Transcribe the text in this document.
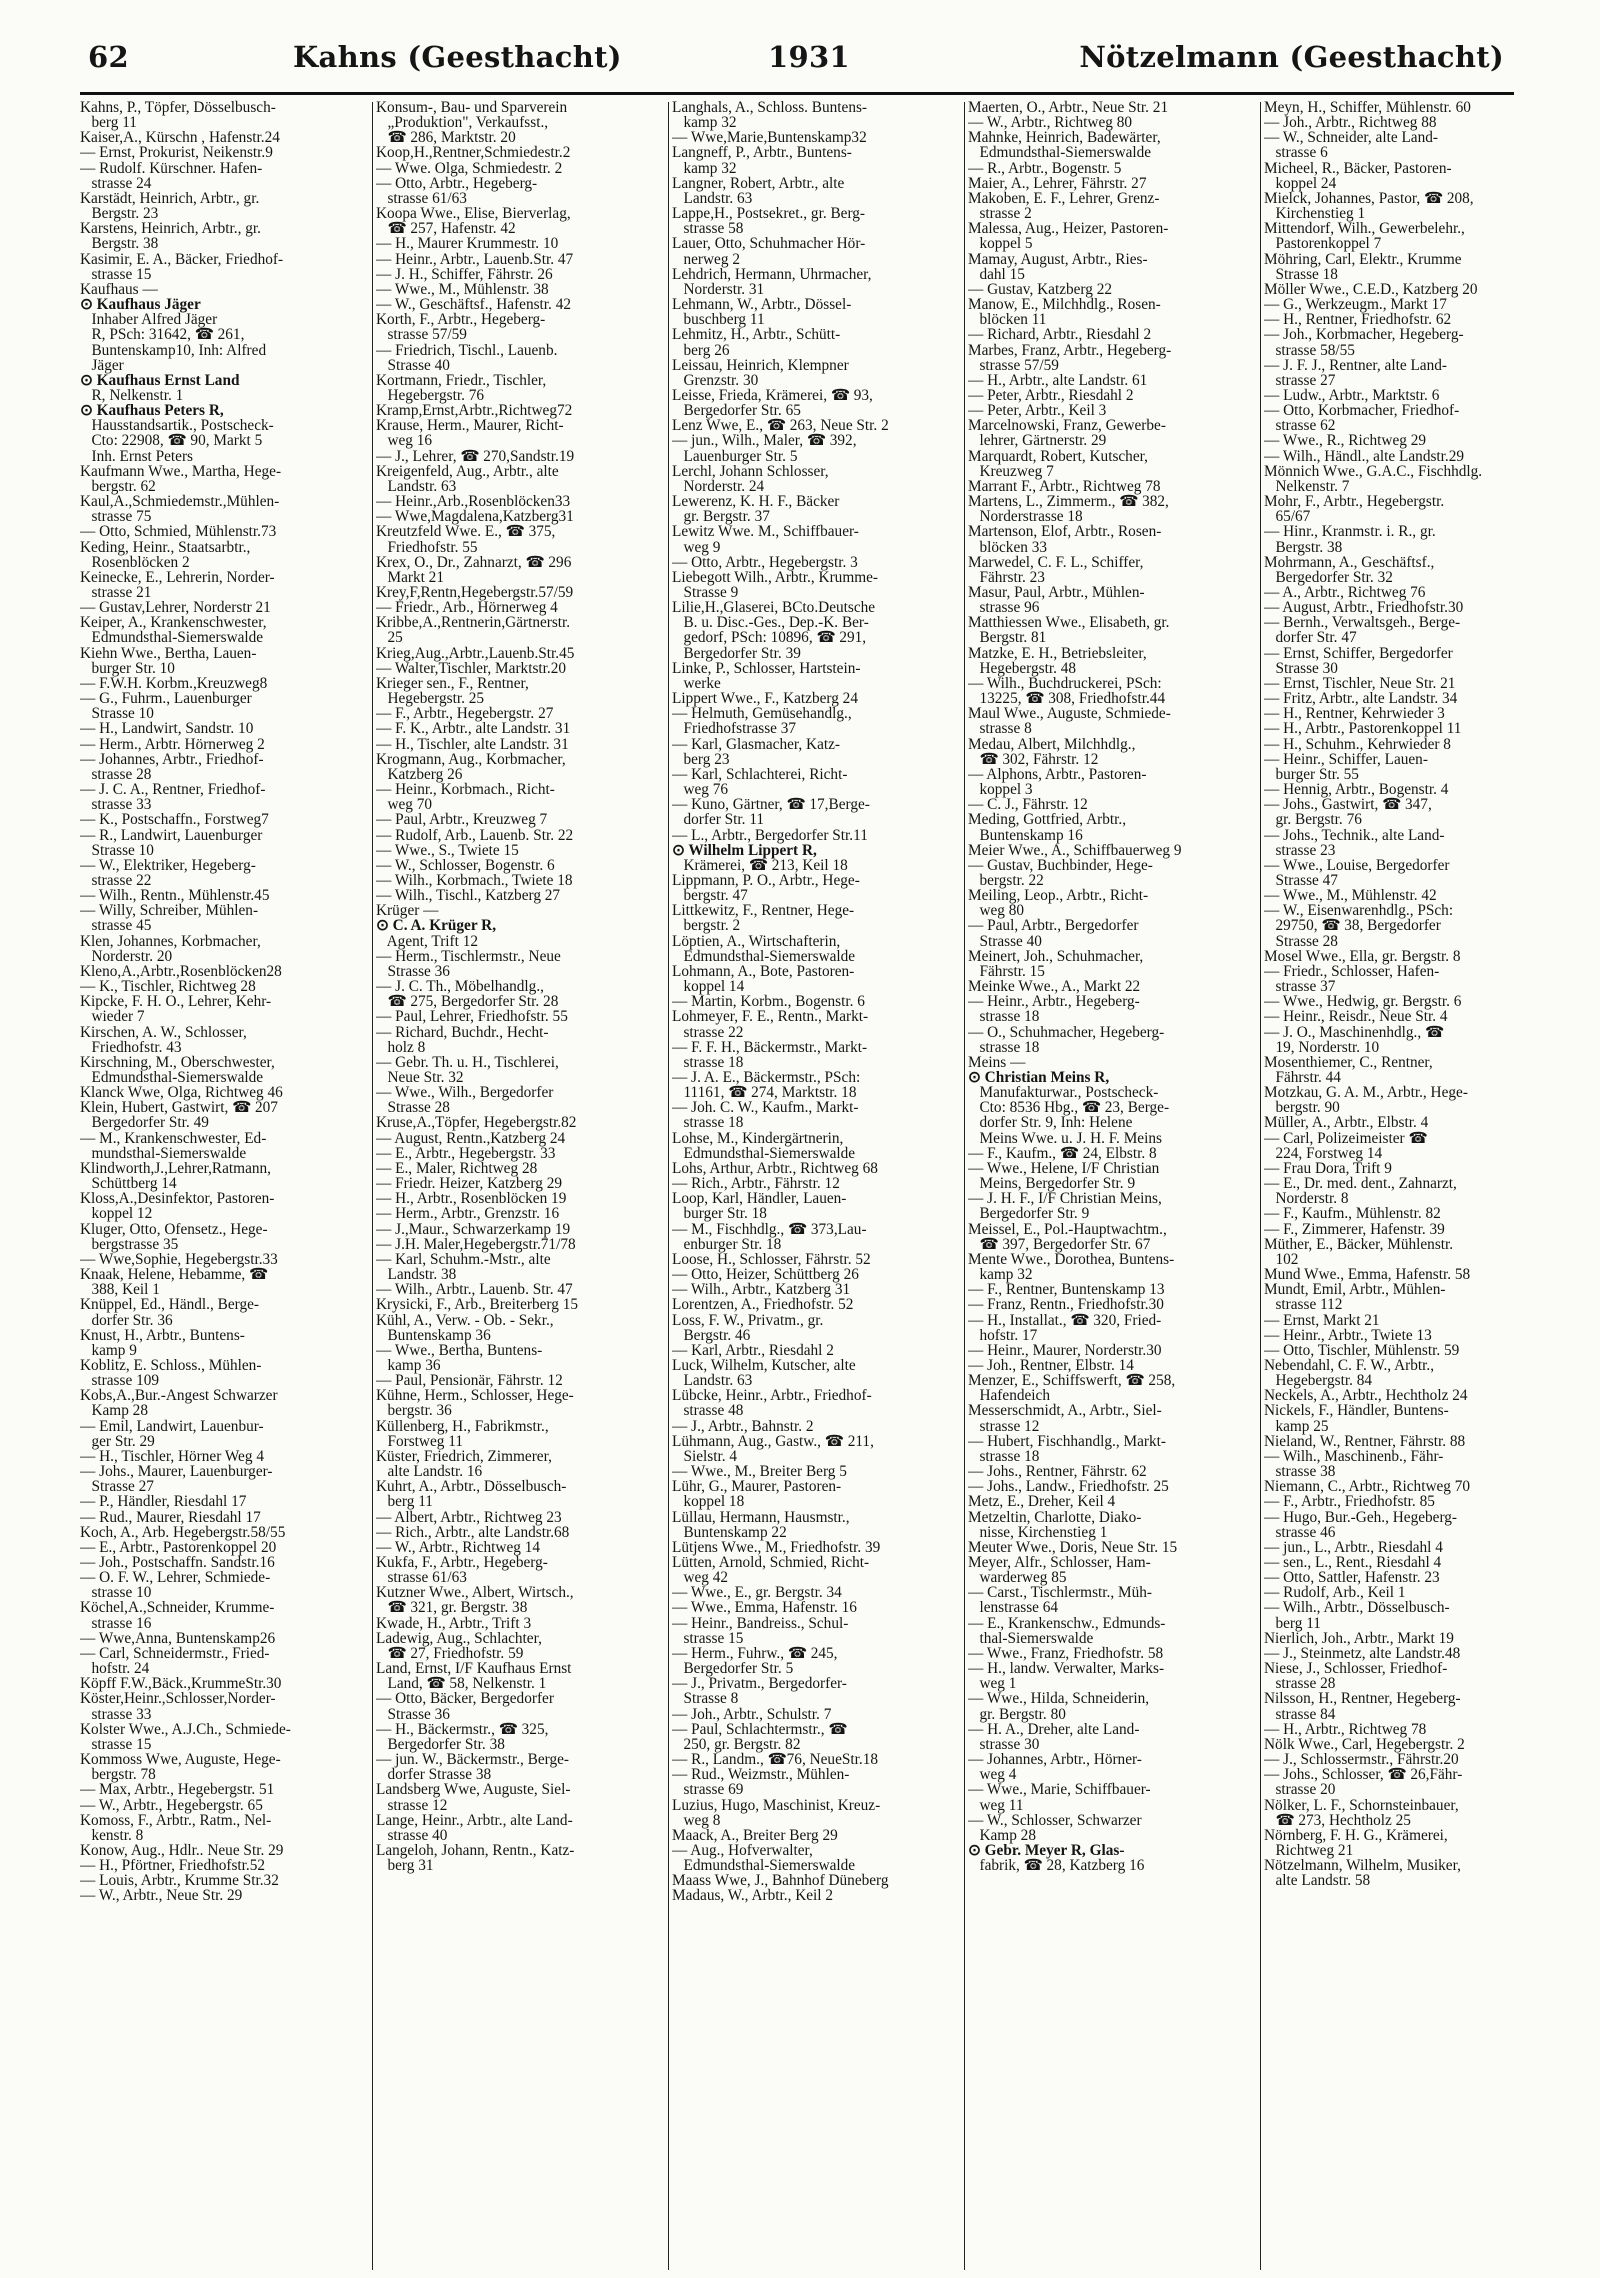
62	Kahns (Geesthacht)	1931	Nötzelmann (Geesthacht)
Kahns, P., Töpfer, Dösselbusch-
berg 11
Kaiser,A., Kürschn , Hafenstr.24
— Ernst, Prokurist, Neikenstr.9
— Rudolf. Kürschner. Hafen-
strasse 24
Karstädt, Heinrich, Arbtr., gr.
Bergstr. 23
Karstens, Heinrich, Arbtr., gr.
Bergstr. 38
Kasimir, E. A., Bäcker, Friedhof-
strasse 15
Kaufhaus —
⊙ Kaufhaus Jäger
Inhaber Alfred Jäger
R, PSch: 31642, ☎ 261,
Buntenskamp10, Inh: Alfred
Jäger
⊙ Kaufhaus Ernst Land
R, Nelkenstr. 1
⊙ Kaufhaus Peters R,
Hausstandsartik., Postscheck-
Cto: 22908, ☎ 90, Markt 5
Inh. Ernst Peters
Kaufmann Wwe., Martha, Hege-
bergstr. 62
Kaul,A.,Schmiedemstr.,Mühlen-
strasse 75
— Otto, Schmied, Mühlenstr.73
Keding, Heinr., Staatsarbtr.,
Rosenblöcken 2
Keinecke, E., Lehrerin, Norder-
strasse 21
— Gustav,Lehrer, Norderstr 21
Keiper, A., Krankenschwester,
Edmundsthal-Siemerswalde
Kiehn Wwe., Bertha, Lauen-
burger Str. 10
— F.W.H. Korbm.,Kreuzweg8
— G., Fuhrm., Lauenburger
Strasse 10
— H., Landwirt, Sandstr. 10
— Herm., Arbtr. Hörnerweg 2
— Johannes, Arbtr., Friedhof-
strasse 28
— J. C. A., Rentner, Friedhof-
strasse 33
— K., Postschaffn., Forstweg7
— R., Landwirt, Lauenburger
Strasse 10
— W., Elektriker, Hegeberg-
strasse 22
— Wilh., Rentn., Mühlenstr.45
— Willy, Schreiber, Mühlen-
strasse 45
Klen, Johannes, Korbmacher,
Norderstr. 20
Kleno,A.,Arbtr.,Rosenblöcken28
— K., Tischler, Richtweg 28
Kipcke, F. H. O., Lehrer, Kehr-
wieder 7
Kirschen, A. W., Schlosser,
Friedhofstr. 43
Kirschning, M., Oberschwester,
Edmundsthal-Siemerswalde
Klanck Wwe, Olga, Richtweg 46
Klein, Hubert, Gastwirt, ☎ 207
Bergedorfer Str. 49
— M., Krankenschwester, Ed-
mundsthal-Siemerswalde
Klindworth,J.,Lehrer,Ratmann,
Schüttberg 14
Kloss,A.,Desinfektor, Pastoren-
koppel 12
Kluger, Otto, Ofensetz., Hege-
bergstrasse 35
— Wwe,Sophie, Hegebergstr.33
Knaak, Helene, Hebamme, ☎
388, Keil 1
Knüppel, Ed., Händl., Berge-
dorfer Str. 36
Knust, H., Arbtr., Buntens-
kamp 9
Koblitz, E. Schloss., Mühlen-
strasse 109
Kobs,A.,Bur.-Angest Schwarzer
Kamp 28
— Emil, Landwirt, Lauenbur-
ger Str. 29
— H., Tischler, Hörner Weg 4
— Johs., Maurer, Lauenburger-
Strasse 27
— P., Händler, Riesdahl 17
— Rud., Maurer, Riesdahl 17
Koch, A., Arb. Hegebergstr.58/55
— E., Arbtr., Pastorenkoppel 20
— Joh., Postschaffn. Sandstr.16
— O. F. W., Lehrer, Schmiede-
strasse 10
Köchel,A.,Schneider, Krumme-
strasse 16
— Wwe,Anna, Buntenskamp26
— Carl, Schneidermstr., Fried-
hofstr. 24
Köpff F.W.,Bäck.,KrummeStr.30
Köster,Heinr.,Schlosser,Norder-
strasse 33
Kolster Wwe., A.J.Ch., Schmiede-
strasse 15
Kommoss Wwe, Auguste, Hege-
bergstr. 78
— Max, Arbtr., Hegebergstr. 51
— W., Arbtr., Hegebergstr. 65
Komoss, F., Arbtr., Ratm., Nel-
kenstr. 8
Konow, Aug., Hdlr.. Neue Str. 29
— H., Pförtner, Friedhofstr.52
— Louis, Arbtr., Krumme Str.32
— W., Arbtr., Neue Str. 29
Konsum-, Bau- und Sparverein
„Produktion", Verkaufsst.,
☎ 286, Marktstr. 20
Koop,H.,Rentner,Schmiedestr.2
— Wwe. Olga, Schmiedestr. 2
— Otto, Arbtr., Hegeberg-
strasse 61/63
Koopa Wwe., Elise, Bierverlag,
☎ 257, Hafenstr. 42
— H., Maurer Krummestr. 10
— Heinr., Arbtr., Lauenb.Str. 47
— J. H., Schiffer, Fährstr. 26
— Wwe., M., Mühlenstr. 38
— W., Geschäftsf., Hafenstr. 42
Korth, F., Arbtr., Hegeberg-
strasse 57/59
— Friedrich, Tischl., Lauenb.
Strasse 40
Kortmann, Friedr., Tischler,
Hegebergstr. 76
Kramp,Ernst,Arbtr.,Richtweg72
Krause, Herm., Maurer, Richt-
weg 16
— J., Lehrer, ☎ 270,Sandstr.19
Kreigenfeld, Aug., Arbtr., alte
Landstr. 63
— Heinr.,Arb.,Rosenblöcken33
— Wwe,Magdalena,Katzberg31
Kreutzfeld Wwe. E., ☎ 375,
Friedhofstr. 55
Krex, O., Dr., Zahnarzt, ☎ 296
Markt 21
Krey,F,Rentn,Hegebergstr.57/59
— Friedr., Arb., Hörnerweg 4
Kribbe,A.,Rentnerin,Gärtnerstr.
25
Krieg,Aug.,Arbtr.,Lauenb.Str.45
— Walter,Tischler, Marktstr.20
Krieger sen., F., Rentner,
Hegebergstr. 25
— F., Arbtr., Hegebergstr. 27
— F. K., Arbtr., alte Landstr. 31
— H., Tischler, alte Landstr. 31
Krogmann, Aug., Korbmacher,
Katzberg 26
— Heinr., Korbmach., Richt-
weg 70
— Paul, Arbtr., Kreuzweg 7
— Rudolf, Arb., Lauenb. Str. 22
— Wwe., S., Twiete 15
— W., Schlosser, Bogenstr. 6
— Wilh., Korbmach., Twiete 18
— Wilh., Tischl., Katzberg 27
Krüger —
⊙ C. A. Krüger R,
Agent, Trift 12
— Herm., Tischlermstr., Neue
Strasse 36
— J. C. Th., Möbelhandlg.,
☎ 275, Bergedorfer Str. 28
— Paul, Lehrer, Friedhofstr. 55
— Richard, Buchdr., Hecht-
holz 8
— Gebr. Th. u. H., Tischlerei,
Neue Str. 32
— Wwe., Wilh., Bergedorfer
Strasse 28
Kruse,A.,Töpfer, Hegebergstr.82
— August, Rentn.,Katzberg 24
— E., Arbtr., Hegebergstr. 33
— E., Maler, Richtweg 28
— Friedr. Heizer, Katzberg 29
— H., Arbtr., Rosenblöcken 19
— Herm., Arbtr., Grenzstr. 16
— J.,Maur., Schwarzerkamp 19
— J.H. Maler,Hegebergstr.71/78
— Karl, Schuhm.-Mstr., alte
Landstr. 38
— Wilh., Arbtr., Lauenb. Str. 47
Krysicki, F., Arb., Breiterberg 15
Kühl, A., Verw. - Ob. - Sekr.,
Buntenskamp 36
— Wwe., Bertha, Buntens-
kamp 36
— Paul, Pensionär, Fährstr. 12
Kühne, Herm., Schlosser, Hege-
bergstr. 36
Küllenberg, H., Fabrikmstr.,
Forstweg 11
Küster, Friedrich, Zimmerer,
alte Landstr. 16
Kuhrt, A., Arbtr., Dösselbusch-
berg 11
— Albert, Arbtr., Richtweg 23
— Rich., Arbtr., alte Landstr.68
— W., Arbtr., Richtweg 14
Kukfa, F., Arbtr., Hegeberg-
strasse 61/63
Kutzner Wwe., Albert, Wirtsch.,
☎ 321, gr. Bergstr. 38
Kwade, H., Arbtr., Trift 3
Ladewig, Aug., Schlachter,
☎ 27, Friedhofstr. 59
Land, Ernst, I/F Kaufhaus Ernst
Land, ☎ 58, Nelkenstr. 1
— Otto, Bäcker, Bergedorfer
Strasse 36
— H., Bäckermstr., ☎ 325,
Bergedorfer Str. 38
— jun. W., Bäckermstr., Berge-
dorfer Strasse 38
Landsberg Wwe, Auguste, Siel-
strasse 12
Lange, Heinr., Arbtr., alte Land-
strasse 40
Langeloh, Johann, Rentn., Katz-
berg 31
Langhals, A., Schloss. Buntens-
kamp 32
— Wwe,Marie,Buntenskamp32
Langneff, P., Arbtr., Buntens-
kamp 32
Langner, Robert, Arbtr., alte
Landstr. 63
Lappe,H., Postsekret., gr. Berg-
strasse 58
Lauer, Otto, Schuhmacher Hör-
nerweg 2
Lehdrich, Hermann, Uhrmacher,
Norderstr. 31
Lehmann, W., Arbtr., Dössel-
buschberg 11
Lehmitz, H., Arbtr., Schütt-
berg 26
Leissau, Heinrich, Klempner
Grenzstr. 30
Leisse, Frieda, Krämerei, ☎ 93,
Bergedorfer Str. 65
Lenz Wwe, E., ☎ 263, Neue Str. 2
— jun., Wilh., Maler, ☎ 392,
Lauenburger Str. 5
Lerchl, Johann Schlosser,
Norderstr. 24
Lewerenz, K. H. F., Bäcker
gr. Bergstr. 37
Lewitz Wwe. M., Schiffbauer-
weg 9
— Otto, Arbtr., Hegebergstr. 3
Liebegott Wilh., Arbtr., Krumme-
Strasse 9
Lilie,H.,Glaserei, BCto.Deutsche
B. u. Disc.-Ges., Dep.-K. Ber-
gedorf, PSch: 10896, ☎ 291,
Bergedorfer Str. 39
Linke, P., Schlosser, Hartstein-
werke
Lippert Wwe., F., Katzberg 24
— Helmuth, Gemüsehandlg.,
Friedhofstrasse 37
— Karl, Glasmacher, Katz-
berg 23
— Karl, Schlachterei, Richt-
weg 76
— Kuno, Gärtner, ☎ 17,Berge-
dorfer Str. 11
— L., Arbtr., Bergedorfer Str.11
⊙ Wilhelm Lippert R,
Krämerei, ☎ 213, Keil 18
Lippmann, P. O., Arbtr., Hege-
bergstr. 47
Littkewitz, F., Rentner, Hege-
bergstr. 2
Löptien, A., Wirtschafterin,
Edmundsthal-Siemerswalde
Lohmann, A., Bote, Pastoren-
koppel 14
— Martin, Korbm., Bogenstr. 6
Lohmeyer, F. E., Rentn., Markt-
strasse 22
— F. F. H., Bäckermstr., Markt-
strasse 18
— J. A. E., Bäckermstr., PSch:
11161, ☎ 274, Marktstr. 18
— Joh. C. W., Kaufm., Markt-
strasse 18
Lohse, M., Kindergärtnerin,
Edmundsthal-Siemerswalde
Lohs, Arthur, Arbtr., Richtweg 68
— Rich., Arbtr., Fährstr. 12
Loop, Karl, Händler, Lauen-
burger Str. 18
— M., Fischhdlg., ☎ 373,Lau-
enburger Str. 18
Loose, H., Schlosser, Fährstr. 52
— Otto, Heizer, Schüttberg 26
— Wilh., Arbtr., Katzberg 31
Lorentzen, A., Friedhofstr. 52
Loss, F. W., Privatm., gr.
Bergstr. 46
— Karl, Arbtr., Riesdahl 2
Luck, Wilhelm, Kutscher, alte
Landstr. 63
Lübcke, Heinr., Arbtr., Friedhof-
strasse 48
— J., Arbtr., Bahnstr. 2
Lühmann, Aug., Gastw., ☎ 211,
Sielstr. 4
— Wwe., M., Breiter Berg 5
Lühr, G., Maurer, Pastoren-
koppel 18
Lüllau, Hermann, Hausmstr.,
Buntenskamp 22
Lütjens Wwe., M., Friedhofstr. 39
Lütten, Arnold, Schmied, Richt-
weg 42
— Wwe., E., gr. Bergstr. 34
— Wwe., Emma, Hafenstr. 16
— Heinr., Bandreiss., Schul-
strasse 15
— Herm., Fuhrw., ☎ 245,
Bergedorfer Str. 5
— J., Privatm., Bergedorfer-
Strasse 8
— Joh., Arbtr., Schulstr. 7
— Paul, Schlachtermstr., ☎
250, gr. Bergstr. 82
— R., Landm., ☎76, NeueStr.18
— Rud., Weizmstr., Mühlen-
strasse 69
Luzius, Hugo, Maschinist, Kreuz-
weg 8
Maack, A., Breiter Berg 29
— Aug., Hofverwalter,
Edmundsthal-Siemerswalde
Maass Wwe, J., Bahnhof Düneberg
Madaus, W., Arbtr., Keil 2
Maerten, O., Arbtr., Neue Str. 21
— W., Arbtr., Richtweg 80
Mahnke, Heinrich, Badewärter,
Edmundsthal-Siemerswalde
— R., Arbtr., Bogenstr. 5
Maier, A., Lehrer, Fährstr. 27
Makoben, E. F., Lehrer, Grenz-
strasse 2
Malessa, Aug., Heizer, Pastoren-
koppel 5
Mamay, August, Arbtr., Ries-
dahl 15
— Gustav, Katzberg 22
Manow, E., Milchhdlg., Rosen-
blöcken 11
— Richard, Arbtr., Riesdahl 2
Marbes, Franz, Arbtr., Hegeberg-
strasse 57/59
— H., Arbtr., alte Landstr. 61
— Peter, Arbtr., Riesdahl 2
— Peter, Arbtr., Keil 3
Marcelnowski, Franz, Gewerbe-
lehrer, Gärtnerstr. 29
Marquardt, Robert, Kutscher,
Kreuzweg 7
Marrant F., Arbtr., Richtweg 78
Martens, L., Zimmerm., ☎ 382,
Norderstrasse 18
Martenson, Elof, Arbtr., Rosen-
blöcken 33
Marwedel, C. F. L., Schiffer,
Fährstr. 23
Masur, Paul, Arbtr., Mühlen-
strasse 96
Matthiessen Wwe., Elisabeth, gr.
Bergstr. 81
Matzke, E. H., Betriebsleiter,
Hegebergstr. 48
— Wilh., Buchdruckerei, PSch:
13225, ☎ 308, Friedhofstr.44
Maul Wwe., Auguste, Schmiede-
strasse 8
Medau, Albert, Milchhdlg.,
☎ 302, Fährstr. 12
— Alphons, Arbtr., Pastoren-
koppel 3
— C. J., Fährstr. 12
Meding, Gottfried, Arbtr.,
Buntenskamp 16
Meier Wwe., A., Schiffbauerweg 9
— Gustav, Buchbinder, Hege-
bergstr. 22
Meiling, Leop., Arbtr., Richt-
weg 80
— Paul, Arbtr., Bergedorfer
Strasse 40
Meinert, Joh., Schuhmacher,
Fährstr. 15
Meinke Wwe., A., Markt 22
— Heinr., Arbtr., Hegeberg-
strasse 18
— O., Schuhmacher, Hegeberg-
strasse 18
Meins —
⊙ Christian Meins R,
Manufakturwar., Postscheck-
Cto: 8536 Hbg., ☎ 23, Berge-
dorfer Str. 9, Inh: Helene
Meins Wwe. u. J. H. F. Meins
— F., Kaufm., ☎ 24, Elbstr. 8
— Wwe., Helene, I/F Christian
Meins, Bergedorfer Str. 9
— J. H. F., I/F Christian Meins,
Bergedorfer Str. 9
Meissel, E., Pol.-Hauptwachtm.,
☎ 397, Bergedorfer Str. 67
Mente Wwe., Dorothea, Buntens-
kamp 32
— F., Rentner, Buntenskamp 13
— Franz, Rentn., Friedhofstr.30
— H., Installat., ☎ 320, Fried-
hofstr. 17
— Heinr., Maurer, Norderstr.30
— Joh., Rentner, Elbstr. 14
Menzer, E., Schiffswerft, ☎ 258,
Hafendeich
Messerschmidt, A., Arbtr., Siel-
strasse 12
— Hubert, Fischhandlg., Markt-
strasse 18
— Johs., Rentner, Fährstr. 62
— Johs., Landw., Friedhofstr. 25
Metz, E., Dreher, Keil 4
Metzeltin, Charlotte, Diako-
nisse, Kirchenstieg 1
Meuter Wwe., Doris, Neue Str. 15
Meyer, Alfr., Schlosser, Ham-
warderweg 85
— Carst., Tischlermstr., Müh-
lenstrasse 64
— E., Krankenschw., Edmunds-
thal-Siemerswalde
— Wwe., Franz, Friedhofstr. 58
— H., landw. Verwalter, Marks-
weg 1
— Wwe., Hilda, Schneiderin,
gr. Bergstr. 80
— H. A., Dreher, alte Land-
strasse 30
— Johannes, Arbtr., Hörner-
weg 4
— Wwe., Marie, Schiffbauer-
weg 11
— W., Schlosser, Schwarzer
Kamp 28
⊙ Gebr. Meyer R, Glas-
fabrik, ☎ 28, Katzberg 16
Meyn, H., Schiffer, Mühlenstr. 60
— Joh., Arbtr., Richtweg 88
— W., Schneider, alte Land-
strasse 6
Micheel, R., Bäcker, Pastoren-
koppel 24
Mielck, Johannes, Pastor, ☎ 208,
Kirchenstieg 1
Mittendorf, Wilh., Gewerbelehr.,
Pastorenkoppel 7
Möhring, Carl, Elektr., Krumme
Strasse 18
Möller Wwe., C.E.D., Katzberg 20
— G., Werkzeugm., Markt 17
— H., Rentner, Friedhofstr. 62
— Joh., Korbmacher, Hegeberg-
strasse 58/55
— J. F. J., Rentner, alte Land-
strasse 27
— Ludw., Arbtr., Marktstr. 6
— Otto, Korbmacher, Friedhof-
strasse 62
— Wwe., R., Richtweg 29
— Wilh., Händl., alte Landstr.29
Mönnich Wwe., G.A.C., Fischhdlg.
Nelkenstr. 7
Mohr, F., Arbtr., Hegebergstr.
65/67
— Hinr., Kranmstr. i. R., gr.
Bergstr. 38
Mohrmann, A., Geschäftsf.,
Bergedorfer Str. 32
— A., Arbtr., Richtweg 76
— August, Arbtr., Friedhofstr.30
— Bernh., Verwaltsgeh., Berge-
dorfer Str. 47
— Ernst, Schiffer, Bergedorfer
Strasse 30
— Ernst, Tischler, Neue Str. 21
— Fritz, Arbtr., alte Landstr. 34
— H., Rentner, Kehrwieder 3
— H., Arbtr., Pastorenkoppel 11
— H., Schuhm., Kehrwieder 8
— Heinr., Schiffer, Lauen-
burger Str. 55
— Hennig, Arbtr., Bogenstr. 4
— Johs., Gastwirt, ☎ 347,
gr. Bergstr. 76
— Johs., Technik., alte Land-
strasse 23
— Wwe., Louise, Bergedorfer
Strasse 47
— Wwe., M., Mühlenstr. 42
— W., Eisenwarenhdlg., PSch:
29750, ☎ 38, Bergedorfer
Strasse 28
Mosel Wwe., Ella, gr. Bergstr. 8
— Friedr., Schlosser, Hafen-
strasse 37
— Wwe., Hedwig, gr. Bergstr. 6
— Heinr., Reisdr., Neue Str. 4
— J. O., Maschinenhdlg., ☎
19, Norderstr. 10
Mosenthiemer, C., Rentner,
Fährstr. 44
Motzkau, G. A. M., Arbtr., Hege-
bergstr. 90
Müller, A., Arbtr., Elbstr. 4
— Carl, Polizeimeister ☎
224, Forstweg 14
— Frau Dora, Trift 9
— E., Dr. med. dent., Zahnarzt,
Norderstr. 8
— F., Kaufm., Mühlenstr. 82
— F., Zimmerer, Hafenstr. 39
Müther, E., Bäcker, Mühlenstr.
102
Mund Wwe., Emma, Hafenstr. 58
Mundt, Emil, Arbtr., Mühlen-
strasse 112
— Ernst, Markt 21
— Heinr., Arbtr., Twiete 13
— Otto, Tischler, Mühlenstr. 59
Nebendahl, C. F. W., Arbtr.,
Hegebergstr. 84
Neckels, A., Arbtr., Hechtholz 24
Nickels, F., Händler, Buntens-
kamp 25
Nieland, W., Rentner, Fährstr. 88
— Wilh., Maschinenb., Fähr-
strasse 38
Niemann, C., Arbtr., Richtweg 70
— F., Arbtr., Friedhofstr. 85
— Hugo, Bur.-Geh., Hegeberg-
strasse 46
— jun., L., Arbtr., Riesdahl 4
— sen., L., Rent., Riesdahl 4
— Otto, Sattler, Hafenstr. 23
— Rudolf, Arb., Keil 1
— Wilh., Arbtr., Dösselbusch-
berg 11
Nierlich, Joh., Arbtr., Markt 19
— J., Steinmetz, alte Landstr.48
Niese, J., Schlosser, Friedhof-
strasse 28
Nilsson, H., Rentner, Hegeberg-
strasse 84
— H., Arbtr., Richtweg 78
Nölk Wwe., Carl, Hegebergstr. 2
— J., Schlossermstr., Fährstr.20
— Johs., Schlosser, ☎ 26,Fähr-
strasse 20
Nölker, L. F., Schornsteinbauer,
☎ 273, Hechtholz 25
Nörnberg, F. H. G., Krämerei,
Richtweg 21
Nötzelmann, Wilhelm, Musiker,
alte Landstr. 58
